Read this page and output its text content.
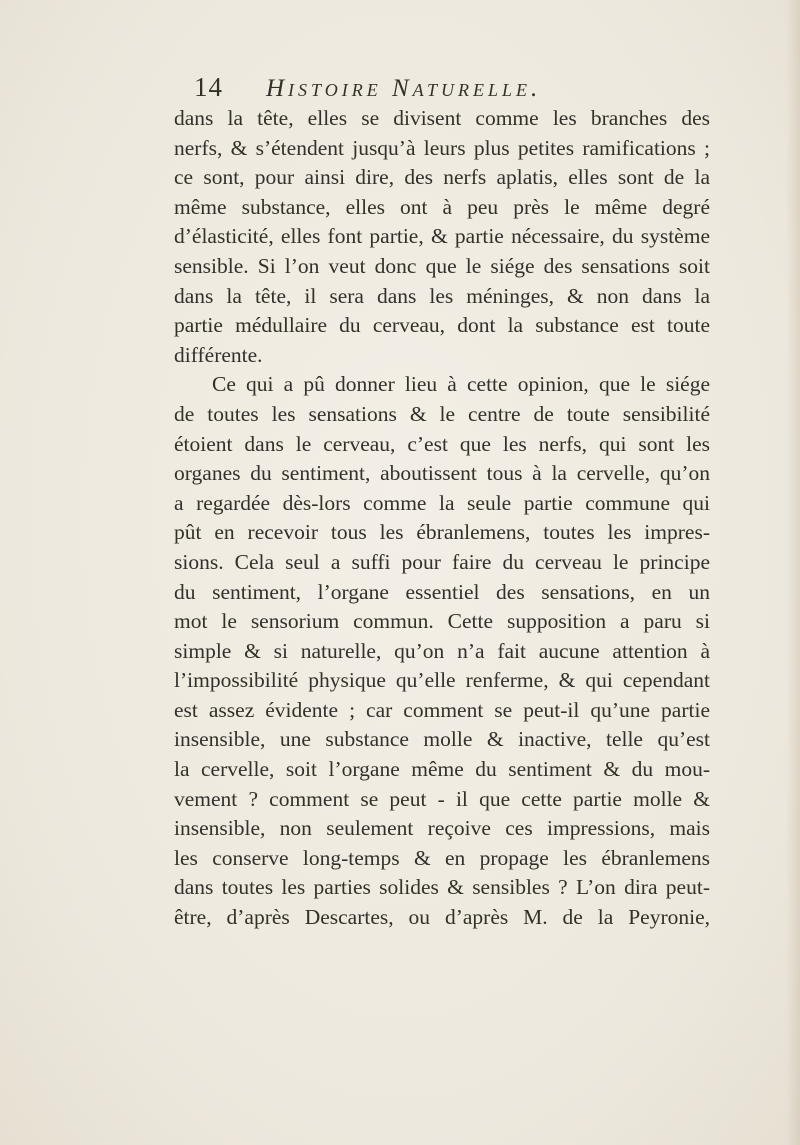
14	Histoire Naturelle.
dans la tête, elles se divisent comme les branches des
nerfs, & s’étendent jusqu’à leurs plus petites ramifications ;
ce sont, pour ainsi dire, des nerfs aplatis, elles sont de la
même substance, elles ont à peu près le même degré
d’élasticité, elles font partie, & partie nécessaire, du système
sensible. Si l’on veut donc que le siége des sensations soit
dans la tête, il sera dans les méninges, & non dans la
partie médullaire du cerveau, dont la substance est toute
différente.
Ce qui a pû donner lieu à cette opinion, que le siége
de toutes les sensations & le centre de toute sensibilité
étoient dans le cerveau, c’est que les nerfs, qui sont les
organes du sentiment, aboutissent tous à la cervelle, qu’on
a regardée dès-lors comme la seule partie commune qui
pût en recevoir tous les ébranlemens, toutes les impres-
sions. Cela seul a suffi pour faire du cerveau le principe
du sentiment, l’organe essentiel des sensations, en un
mot le sensorium commun. Cette supposition a paru si
simple & si naturelle, qu’on n’a fait aucune attention à
l’impossibilité physique qu’elle renferme, & qui cependant
est assez évidente ; car comment se peut-il qu’une partie
insensible, une substance molle & inactive, telle qu’est
la cervelle, soit l’organe même du sentiment & du mou-
vement ? comment se peut - il que cette partie molle &
insensible, non seulement reçoive ces impressions, mais
les conserve long-temps & en propage les ébranlemens
dans toutes les parties solides & sensibles ? L’on dira peut-
être, d’après Descartes, ou d’après M. de la Peyronie,
